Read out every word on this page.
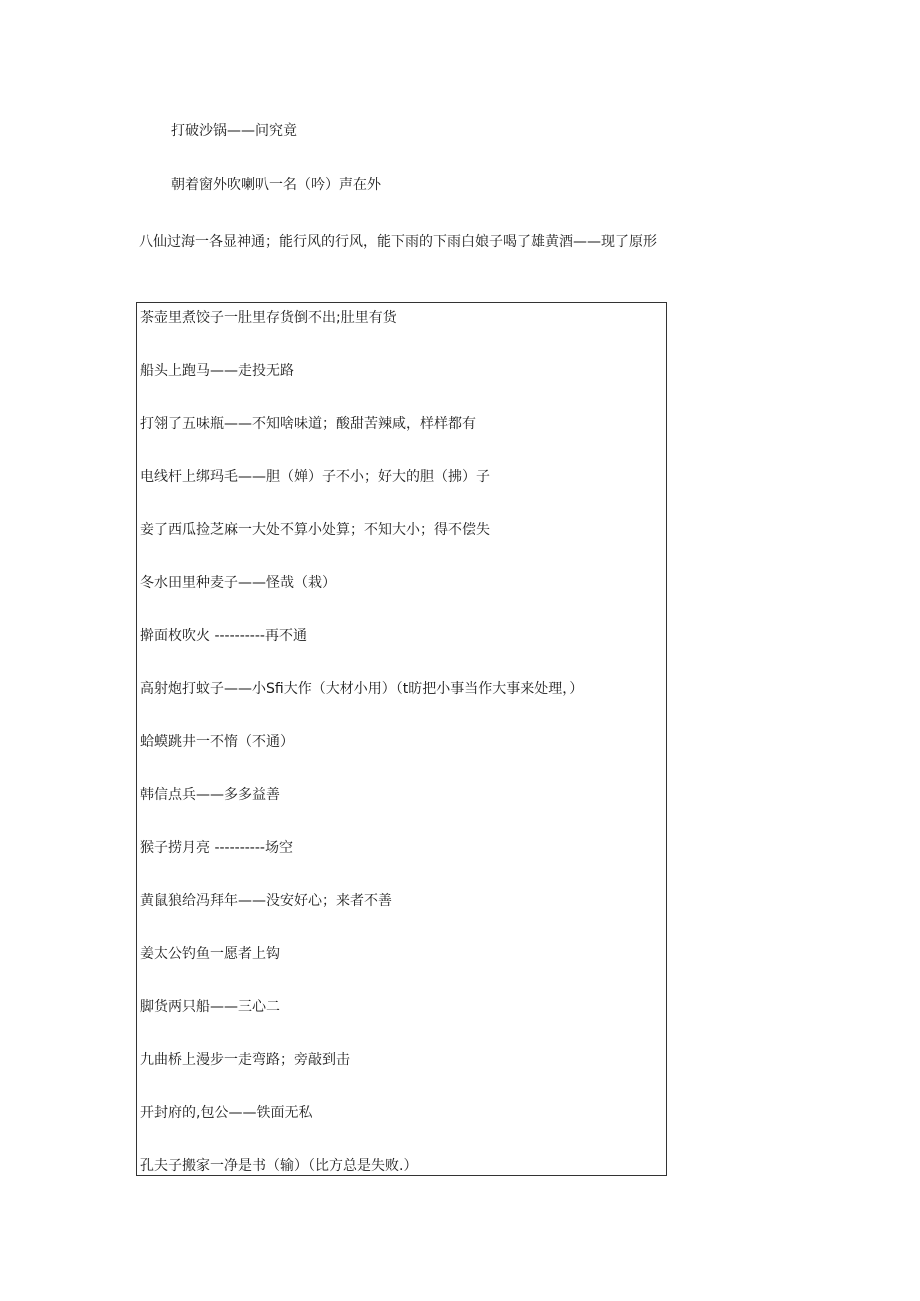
打破沙锅——问究竟
朝着窗外吹喇叭一名（吟）声在外
八仙过海一各显神通；能行风的行风，能下雨的下雨白娘子喝了雄黄酒——现了原形
茶壶里煮饺子一肚里存货倒不出;肚里有货
船头上跑马——走投无路
打翎了五味瓶——不知啥味道；酸甜苦辣咸，样样都有
电线杆上绑玛毛——胆（婵）子不小；好大的胆（拂）子
妾了西瓜捡芝麻一大处不算小处算；不知大小；得不偿失
冬水田里种麦子——怪哉（栽）
擀面枚吹火 ----------再不通
高射炮打蚊子——小Sfi大作（大材小用）（t昉把小事当作大事来处理，）
蛤蟆跳井一不惰（不通）
韩信点兵——多多益善
猴子捞月亮 ----------场空
黄鼠狼给冯拜年——没安好心；来者不善
姜太公钓鱼一愿者上钩
脚货两只船——三心二
九曲桥上漫步一走弯路；旁敲到击
开封府的,包公——铁面无私
孔夫子搬家一净是书（输）（比方总是失败.）
